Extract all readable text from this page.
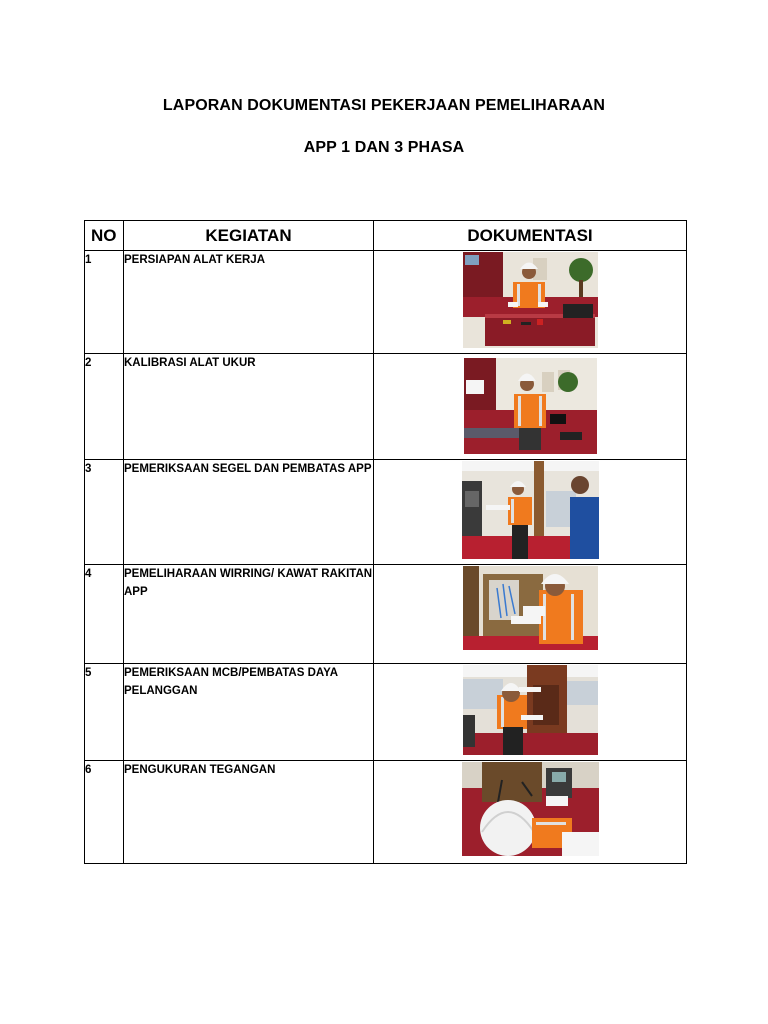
LAPORAN DOKUMENTASI PEKERJAAN PEMELIHARAAN
APP 1 DAN 3 PHASA
NO	KEGIATAN	DOKUMENTASI
1	PERSIAPAN ALAT KERJA	

2	KALIBRASI ALAT UKUR	

3	PEMERIKSAAN SEGEL DAN PEMBATAS APP	

4	PEMELIHARAAN WIRRING/ KAWAT RAKITAN APP	

5	PEMERIKSAAN MCB/PEMBATAS DAYA PELANGGAN	

6	PENGUKURAN TEGANGAN	
